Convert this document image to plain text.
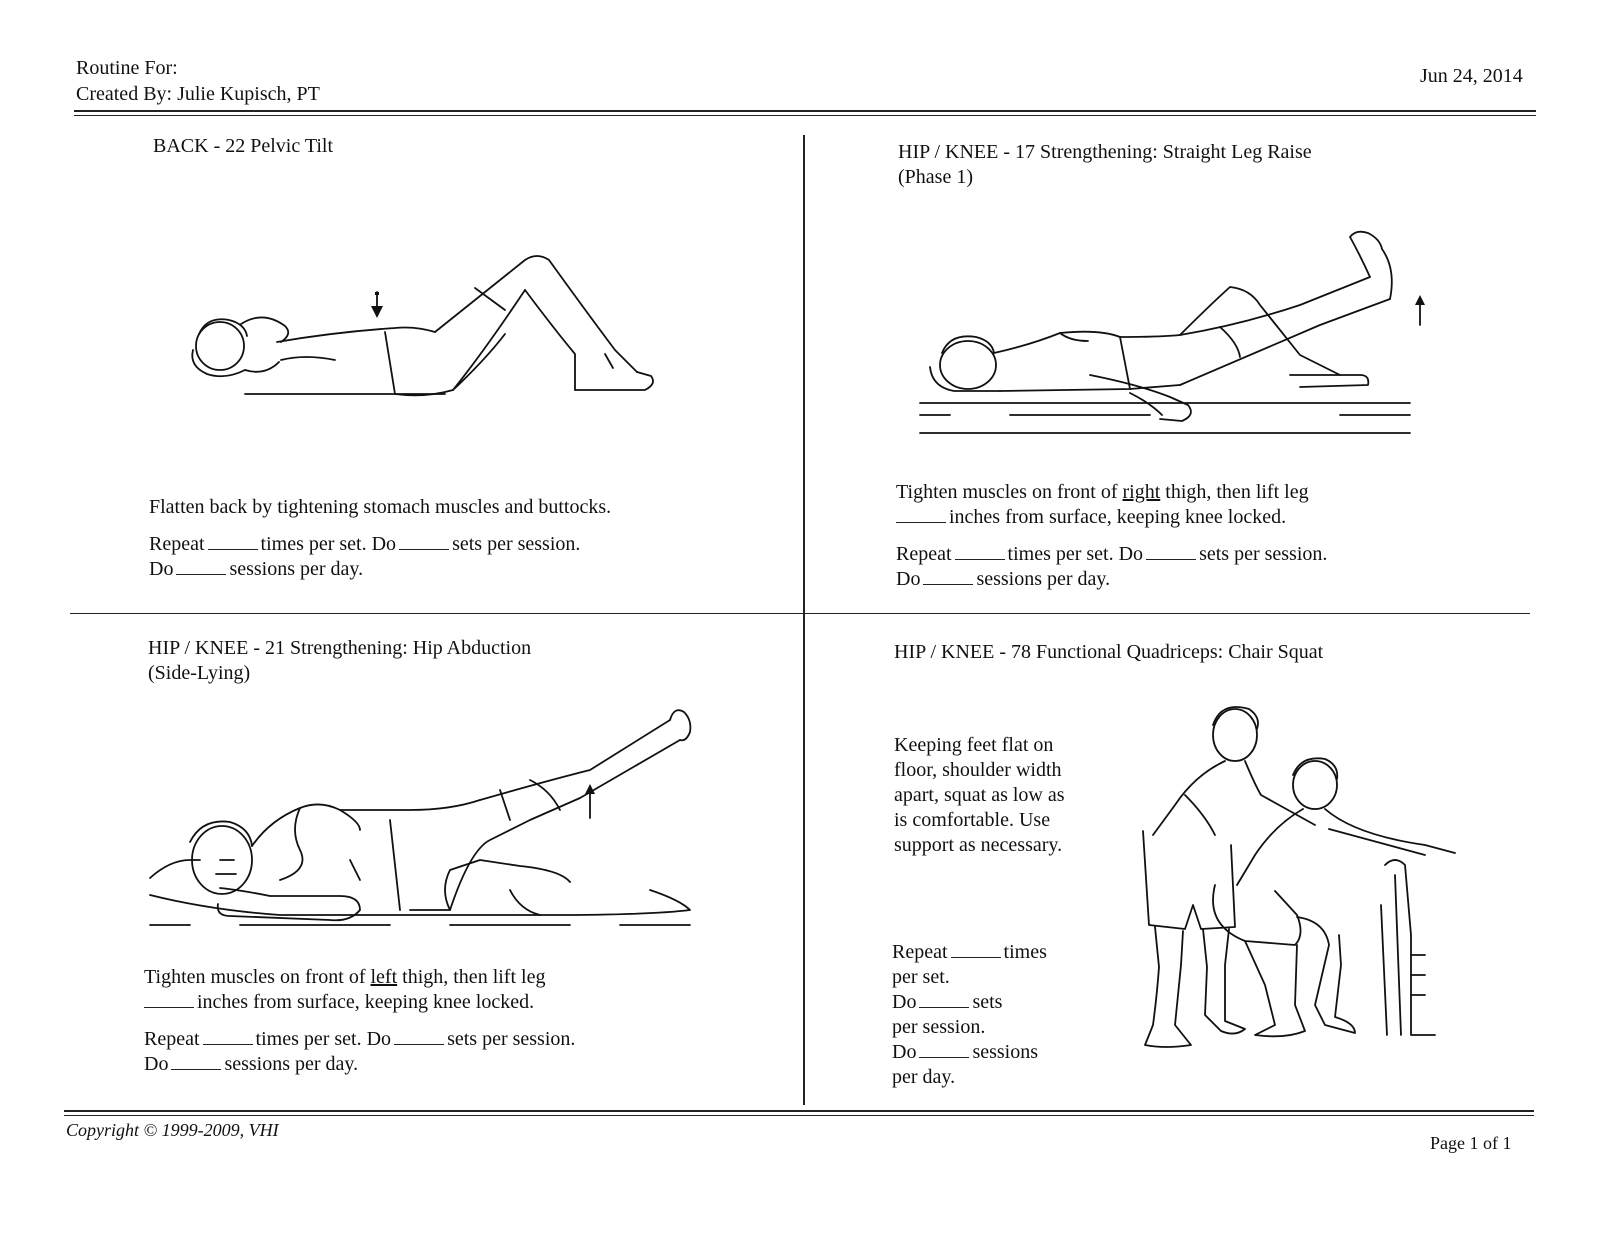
Routine For:
Created By: Julie Kupisch, PT
Jun 24, 2014
BACK - 22 Pelvic Tilt
Flatten back by tightening stomach muscles and buttocks.
Repeat	times per set. Do	sets per session.
Do	sessions per day.
HIP / KNEE - 17 Strengthening: Straight Leg Raise
(Phase 1)
Tighten muscles on front of right thigh, then lift leg
inches from surface, keeping knee locked.
Repeat	times per set. Do	sets per session.
Do	sessions per day.
HIP / KNEE - 21 Strengthening: Hip Abduction
(Side-Lying)
Tighten muscles on front of left thigh, then lift leg
inches from surface, keeping knee locked.
Repeat	times per set. Do	sets per session.
Do	sessions per day.
HIP / KNEE - 78 Functional Quadriceps: Chair Squat
Keeping feet flat on
floor, shoulder width
apart, squat as low as
is comfortable. Use
support as necessary.
Repeat	times
per set.
Do	sets
per session.
Do	sessions
per day.
Copyright © 1999-2009, VHI
Page 1 of 1
